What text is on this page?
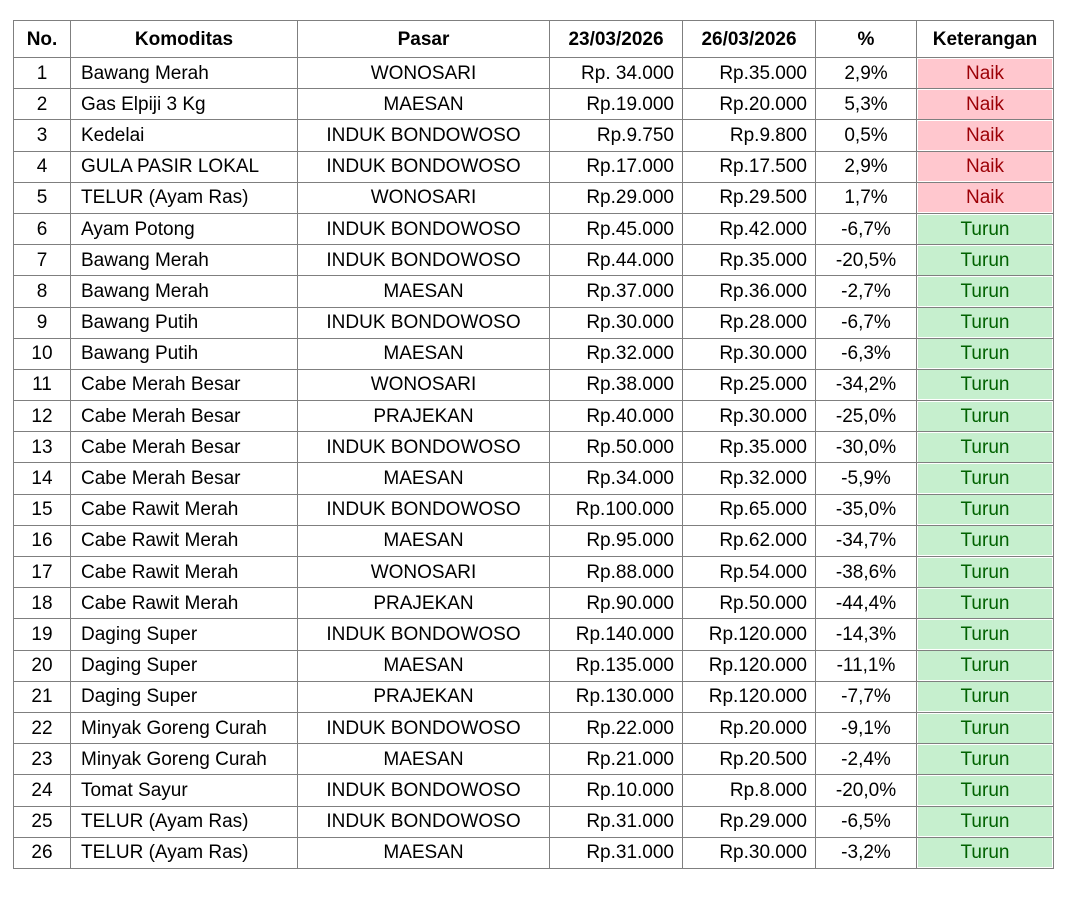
No.	Komoditas	Pasar	23/03/2026	26/03/2026	%	Keterangan
1	Bawang Merah	WONOSARI	Rp. 34.000	Rp.35.000	2,9%	Naik

2	Gas Elpiji 3 Kg	MAESAN	Rp.19.000	Rp.20.000	5,3%	Naik

3	Kedelai	INDUK BONDOWOSO	Rp.9.750	Rp.9.800	0,5%	Naik

4	GULA PASIR LOKAL	INDUK BONDOWOSO	Rp.17.000	Rp.17.500	2,9%	Naik

5	TELUR (Ayam Ras)	WONOSARI	Rp.29.000	Rp.29.500	1,7%	Naik

6	Ayam Potong	INDUK BONDOWOSO	Rp.45.000	Rp.42.000	-6,7%	Turun

7	Bawang Merah	INDUK BONDOWOSO	Rp.44.000	Rp.35.000	-20,5%	Turun

8	Bawang Merah	MAESAN	Rp.37.000	Rp.36.000	-2,7%	Turun

9	Bawang Putih	INDUK BONDOWOSO	Rp.30.000	Rp.28.000	-6,7%	Turun

10	Bawang Putih	MAESAN	Rp.32.000	Rp.30.000	-6,3%	Turun

11	Cabe Merah Besar	WONOSARI	Rp.38.000	Rp.25.000	-34,2%	Turun

12	Cabe Merah Besar	PRAJEKAN	Rp.40.000	Rp.30.000	-25,0%	Turun

13	Cabe Merah Besar	INDUK BONDOWOSO	Rp.50.000	Rp.35.000	-30,0%	Turun

14	Cabe Merah Besar	MAESAN	Rp.34.000	Rp.32.000	-5,9%	Turun

15	Cabe Rawit Merah	INDUK BONDOWOSO	Rp.100.000	Rp.65.000	-35,0%	Turun

16	Cabe Rawit Merah	MAESAN	Rp.95.000	Rp.62.000	-34,7%	Turun

17	Cabe Rawit Merah	WONOSARI	Rp.88.000	Rp.54.000	-38,6%	Turun

18	Cabe Rawit Merah	PRAJEKAN	Rp.90.000	Rp.50.000	-44,4%	Turun

19	Daging Super	INDUK BONDOWOSO	Rp.140.000	Rp.120.000	-14,3%	Turun

20	Daging Super	MAESAN	Rp.135.000	Rp.120.000	-11,1%	Turun

21	Daging Super	PRAJEKAN	Rp.130.000	Rp.120.000	-7,7%	Turun

22	Minyak Goreng Curah	INDUK BONDOWOSO	Rp.22.000	Rp.20.000	-9,1%	Turun

23	Minyak Goreng Curah	MAESAN	Rp.21.000	Rp.20.500	-2,4%	Turun

24	Tomat Sayur	INDUK BONDOWOSO	Rp.10.000	Rp.8.000	-20,0%	Turun

25	TELUR (Ayam Ras)	INDUK BONDOWOSO	Rp.31.000	Rp.29.000	-6,5%	Turun

26	TELUR (Ayam Ras)	MAESAN	Rp.31.000	Rp.30.000	-3,2%	Turun
